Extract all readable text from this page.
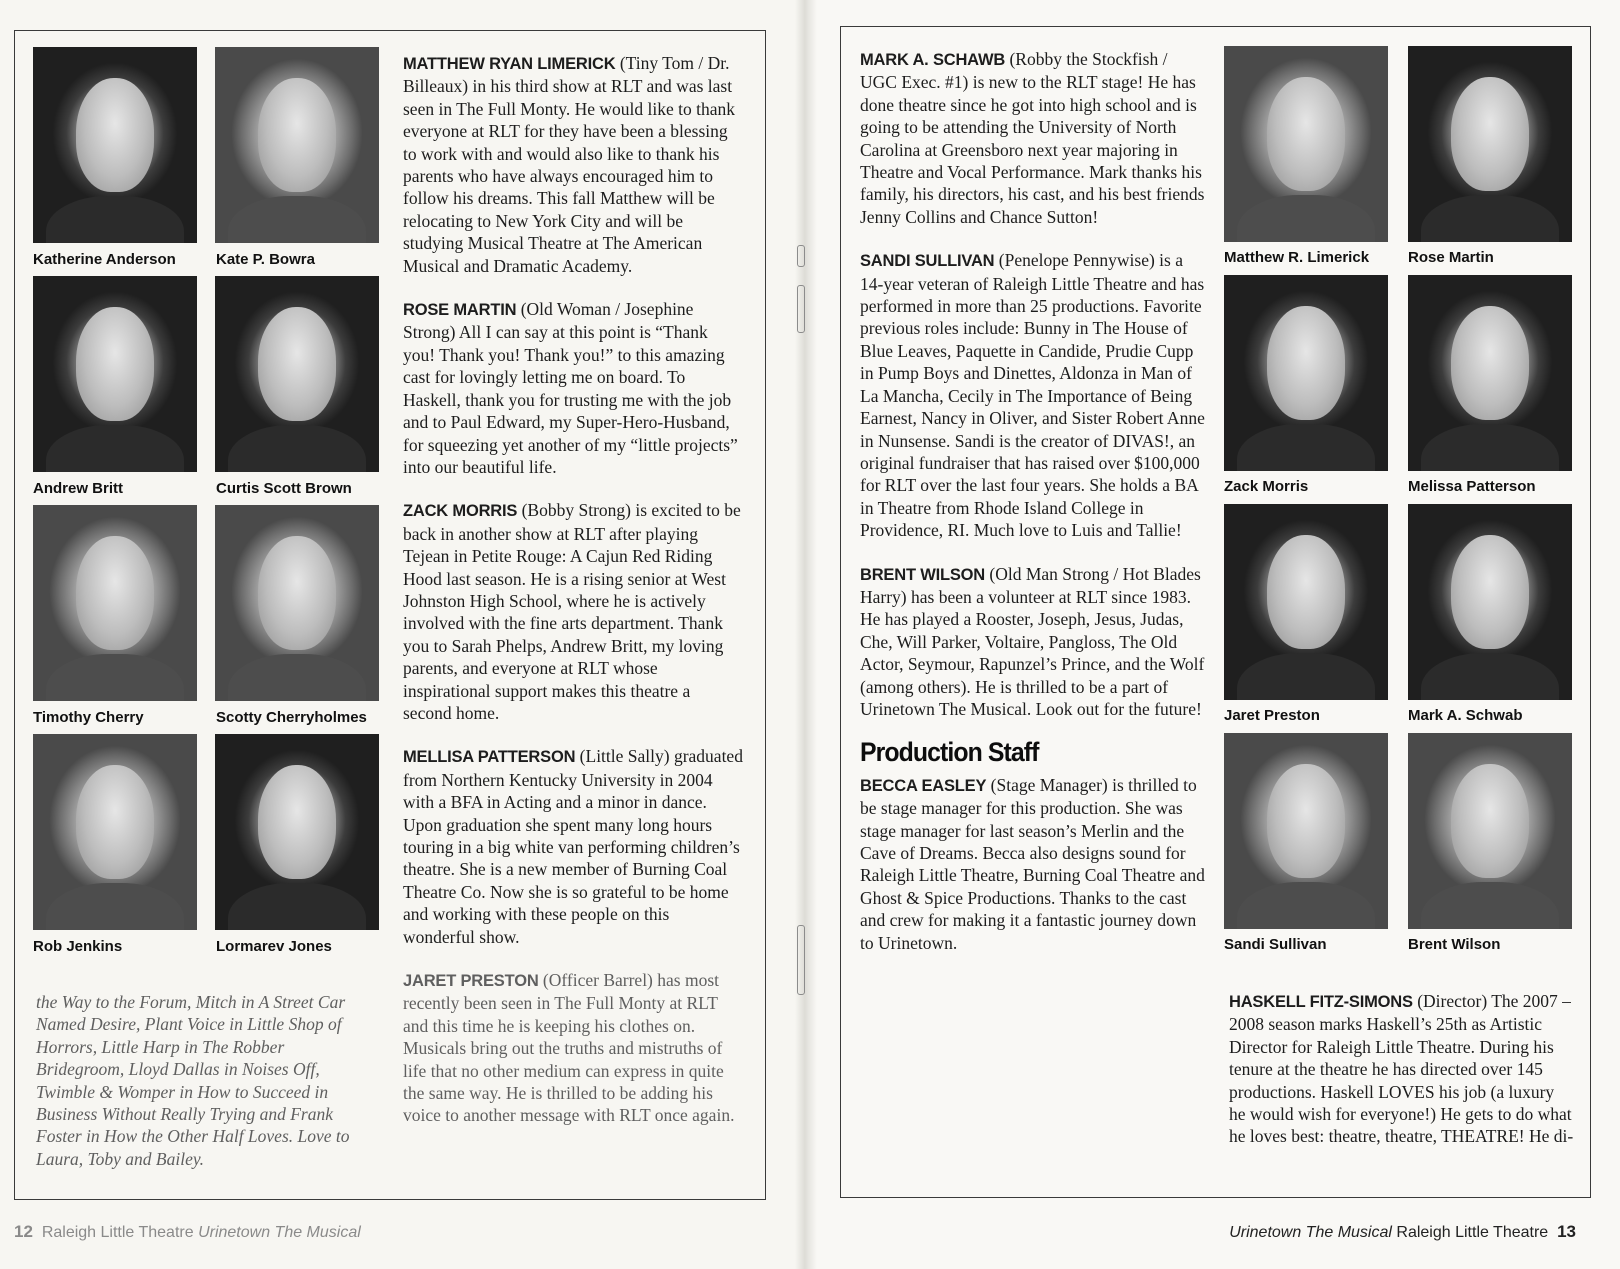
Katherine Anderson	Kate P. Bowra
Andrew Britt	Curtis Scott Brown
Timothy Cherry	Scotty Cherryholmes
Rob Jenkins	Lormarev Jones
the Way to the Forum, Mitch in A Street Car Named Desire, Plant Voice in Little Shop of Horrors, Little Harp in The Robber Bridegroom, Lloyd Dallas in Noises Off, Twimble & Womper in How to Succeed in Business Without Really Trying and Frank Foster in How the Other Half Loves. Love to Laura, Toby and Bailey.

MATTHEW RYAN LIMERICK (Tiny Tom / Dr. Billeaux) in his third show at RLT and was last seen in The Full Monty. He would like to thank everyone at RLT for they have been a blessing to work with and would also like to thank his parents who have always encouraged him to follow his dreams. This fall Matthew will be relocating to New York City and will be studying Musical Theatre at The American Musical and Dramatic Academy.

ROSE MARTIN (Old Woman / Josephine Strong) All I can say at this point is “Thank you! Thank you! Thank you!” to this amazing cast for lovingly letting me on board. To Haskell, thank you for trusting me with the job and to Paul Edward, my Super-Hero-Husband, for squeezing yet another of my “little projects” into our beautiful life.

ZACK MORRIS (Bobby Strong) is excited to be back in another show at RLT after playing Tejean in Petite Rouge: A Cajun Red Riding Hood last season. He is a rising senior at West Johnston High School, where he is actively involved with the fine arts department. Thank you to Sarah Phelps, Andrew Britt, my loving parents, and everyone at RLT whose inspirational support makes this theatre a second home.

MELLISA PATTERSON (Little Sally) graduated from Northern Kentucky University in 2004 with a BFA in Acting and a minor in dance. Upon graduation she spent many long hours touring in a big white van performing children’s theatre. She is a new member of Burning Coal Theatre Co. Now she is so grateful to be home and working with these people on this wonderful show.

JARET PRESTON (Officer Barrel) has most recently been seen in The Full Monty at RLT and this time he is keeping his clothes on. Musicals bring out the truths and mistruths of life that no other medium can express in quite the same way. He is thrilled to be adding his voice to another message with RLT once again.

12 Raleigh Little Theatre Urinetown The Musical

MARK A. SCHAWB (Robby the Stockfish / UGC Exec. #1) is new to the RLT stage! He has done theatre since he got into high school and is going to be attending the University of North Carolina at Greensboro next year majoring in Theatre and Vocal Performance. Mark thanks his family, his directors, his cast, and his best friends Jenny Collins and Chance Sutton!

SANDI SULLIVAN (Penelope Pennywise) is a 14-year veteran of Raleigh Little Theatre and has performed in more than 25 productions. Favorite previous roles include: Bunny in The House of Blue Leaves, Paquette in Candide, Prudie Cupp in Pump Boys and Dinettes, Aldonza in Man of La Mancha, Cecily in The Importance of Being Earnest, Nancy in Oliver, and Sister Robert Anne in Nunsense. Sandi is the creator of DIVAS!, an original fundraiser that has raised over $100,000 for RLT over the last four years. She holds a BA in Theatre from Rhode Island College in Providence, RI. Much love to Luis and Tallie!

BRENT WILSON (Old Man Strong / Hot Blades Harry) has been a volunteer at RLT since 1983. He has played a Rooster, Joseph, Jesus, Judas, Che, Will Parker, Voltaire, Pangloss, The Old Actor, Seymour, Rapunzel’s Prince, and the Wolf (among others). He is thrilled to be a part of Urinetown The Musical. Look out for the future!

Production Staff

BECCA EASLEY (Stage Manager) is thrilled to be stage manager for this production. She was stage manager for last season’s Merlin and the Cave of Dreams. Becca also designs sound for Raleigh Little Theatre, Burning Coal Theatre and Ghost & Spice Productions. Thanks to the cast and crew for making it a fantastic journey down to Urinetown.

Matthew R. Limerick	Rose Martin
Zack Morris	Melissa Patterson
Jaret Preston	Mark A. Schwab
Sandi Sullivan	Brent Wilson

HASKELL FITZ-SIMONS (Director) The 2007 – 2008 season marks Haskell’s 25th as Artistic Director for Raleigh Little Theatre. During his tenure at the theatre he has directed over 145 productions. Haskell LOVES his job (a luxury he would wish for everyone!) He gets to do what he loves best: theatre, theatre, THEATRE! He di-

Urinetown The Musical Raleigh Little Theatre 13
